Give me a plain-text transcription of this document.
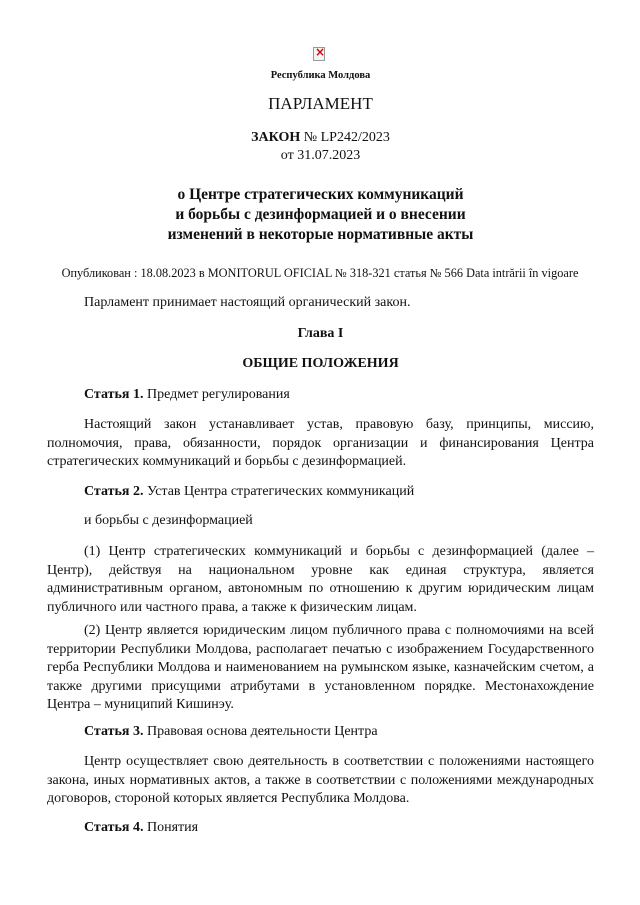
×
Республика Молдова
ПАРЛАМЕНТ
ЗАКОН № LP242/2023
от 31.07.2023
о Центре стратегических коммуникаций
и борьбы с дезинформацией и о внесении
изменений в некоторые нормативные акты
Опубликован : 18.08.2023 в MONITORUL OFICIAL № 318-321 статья № 566 Data intrării în vigoare
Парламент принимает настоящий органический закон.
Глава I
ОБЩИЕ ПОЛОЖЕНИЯ
Статья 1. Предмет регулирования
Настоящий закон устанавливает устав, правовую базу, принципы, миссию, полномочия, права, обязанности, порядок организации и финансирования Центра стратегических коммуникаций и борьбы с дезинформацией.
Статья 2. Устав Центра стратегических коммуникаций
и борьбы с дезинформацией
(1) Центр стратегических коммуникаций и борьбы с дезинформацией (далее – Центр), действуя на национальном уровне как единая структура, является административным органом, автономным по отношению к другим юридическим лицам публичного или частного права, а также к физическим лицам.
(2) Центр является юридическим лицом публичного права с полномочиями на всей территории Республики Молдова, располагает печатью с изображением Государственного герба Республики Молдова и наименованием на румынском языке, казначейским счетом, а также другими присущими атрибутами в установленном порядке. Местонахождение Центра – муниципий Кишинэу.
Статья 3. Правовая основа деятельности Центра
Центр осуществляет свою деятельность в соответствии с положениями настоящего закона, иных нормативных актов, а также в соответствии с положениями международных договоров, стороной которых является Республика Молдова.
Статья 4. Понятия
